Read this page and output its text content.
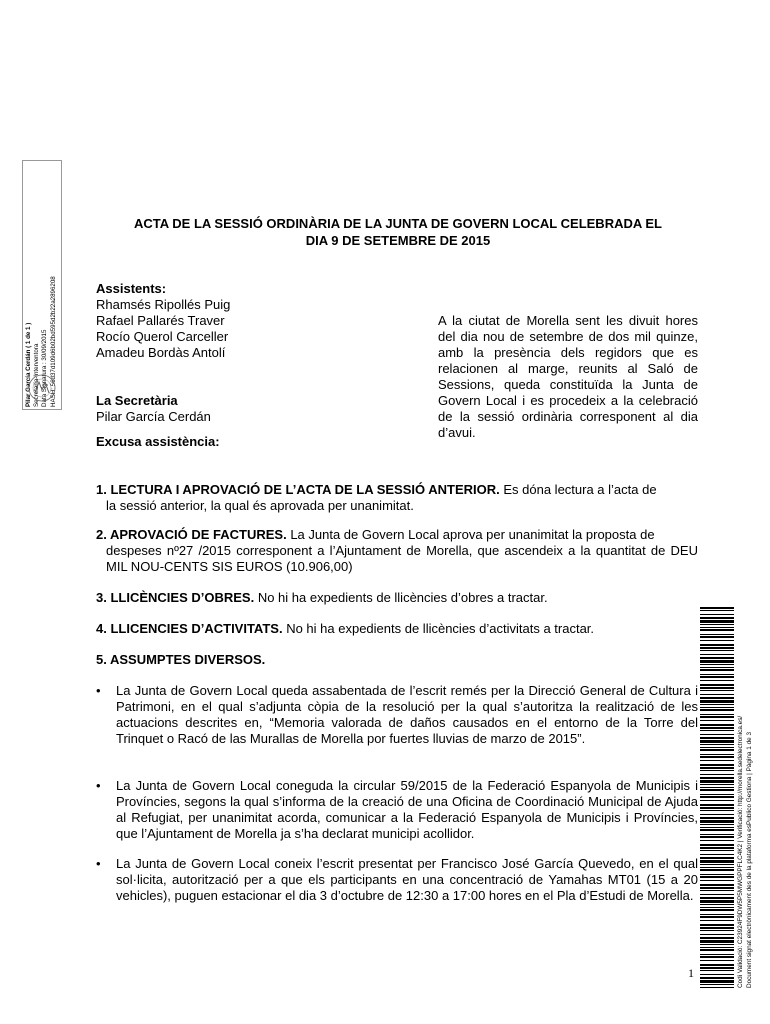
Pilar García Cerdán ( 1 de 1 ) Secretaria-Interventora Data Signatura : 30/09/2015 HASH: 56d37d109d6b02bd595d2b22a2896208
ACTA DE LA SESSIÓ ORDINÀRIA DE LA JUNTA DE GOVERN LOCAL CELEBRADA EL
DIA 9 DE SETEMBRE DE 2015
Assistents:
Rhamsés Ripollés Puig
Rafael Pallarés Traver
Rocío Querol Carceller
Amadeu Bordàs Antolí
La Secretària
Pilar García Cerdán
Excusa assistència:
A la ciutat de Morella sent les divuit hores del dia nou de setembre de dos mil quinze, amb la presència dels regidors que es relacionen al marge, reunits al Saló de Sessions, queda constituïda la Junta de Govern Local i es procedeix a la celebració de la sessió ordinària corresponent al dia d’avui.
1. LECTURA I APROVACIÓ DE L’ACTA DE LA SESSIÓ ANTERIOR. Es dóna lectura a l’acta de
la sessió anterior, la qual és aprovada per unanimitat.
2. APROVACIÓ DE FACTURES. La Junta de Govern Local aprova per unanimitat la proposta de
despeses nº27 /2015 corresponent a l’Ajuntament de Morella, que ascendeix a la quantitat de DEU MIL NOU-CENTS SIS EUROS (10.906,00)
3. LLICÈNCIES D’OBRES. No hi ha expedients de llicències d’obres a tractar.
4. LLICENCIES D’ACTIVITATS. No hi ha expedients de llicències d’activitats a tractar.
5. ASSUMPTES DIVERSOS.
•	La Junta de Govern Local queda assabentada de l’escrit remés per la Direcció General de Cultura i Patrimoni, en el qual s’adjunta còpia de la resolució per la qual s’autoritza la realització de les actuacions descrites en, “Memoria valorada de daños causados en el entorno de la Torre del Trinquet o Racó de las Murallas de Morella por fuertes lluvias de marzo de 2015”.
•	La Junta de Govern Local coneguda la circular 59/2015 de la Federació Espanyola de Municipis i Províncies, segons la qual s’informa de la creació de una Oficina de Coordinació Municipal de Ajuda al Refugiat, per unanimitat acorda, comunicar a la Federació Espanyola de Municipis i Províncies, que l’Ajuntament de Morella ja s’ha declarat municipi acollidor.
•	La Junta de Govern Local coneix l’escrit presentat per Francisco José García Quevedo, en el qual sol·licita, autorització per a que els participants en una concentració de Yamahas MT01 (15 a 20 vehicles), puguen estacionar el dia 3 d’octubre de 12:30 a 17:00 hores en el Pla d’Estudi de Morella.	Codi Validació: C23924F9DW5P5MWGPPFLC4K2 | Verificació: http://morella.sedelectronica.es/ Document signat electrònicament des de la plataforma esPublico Gestiona | Pàgina 1 de 3
1
